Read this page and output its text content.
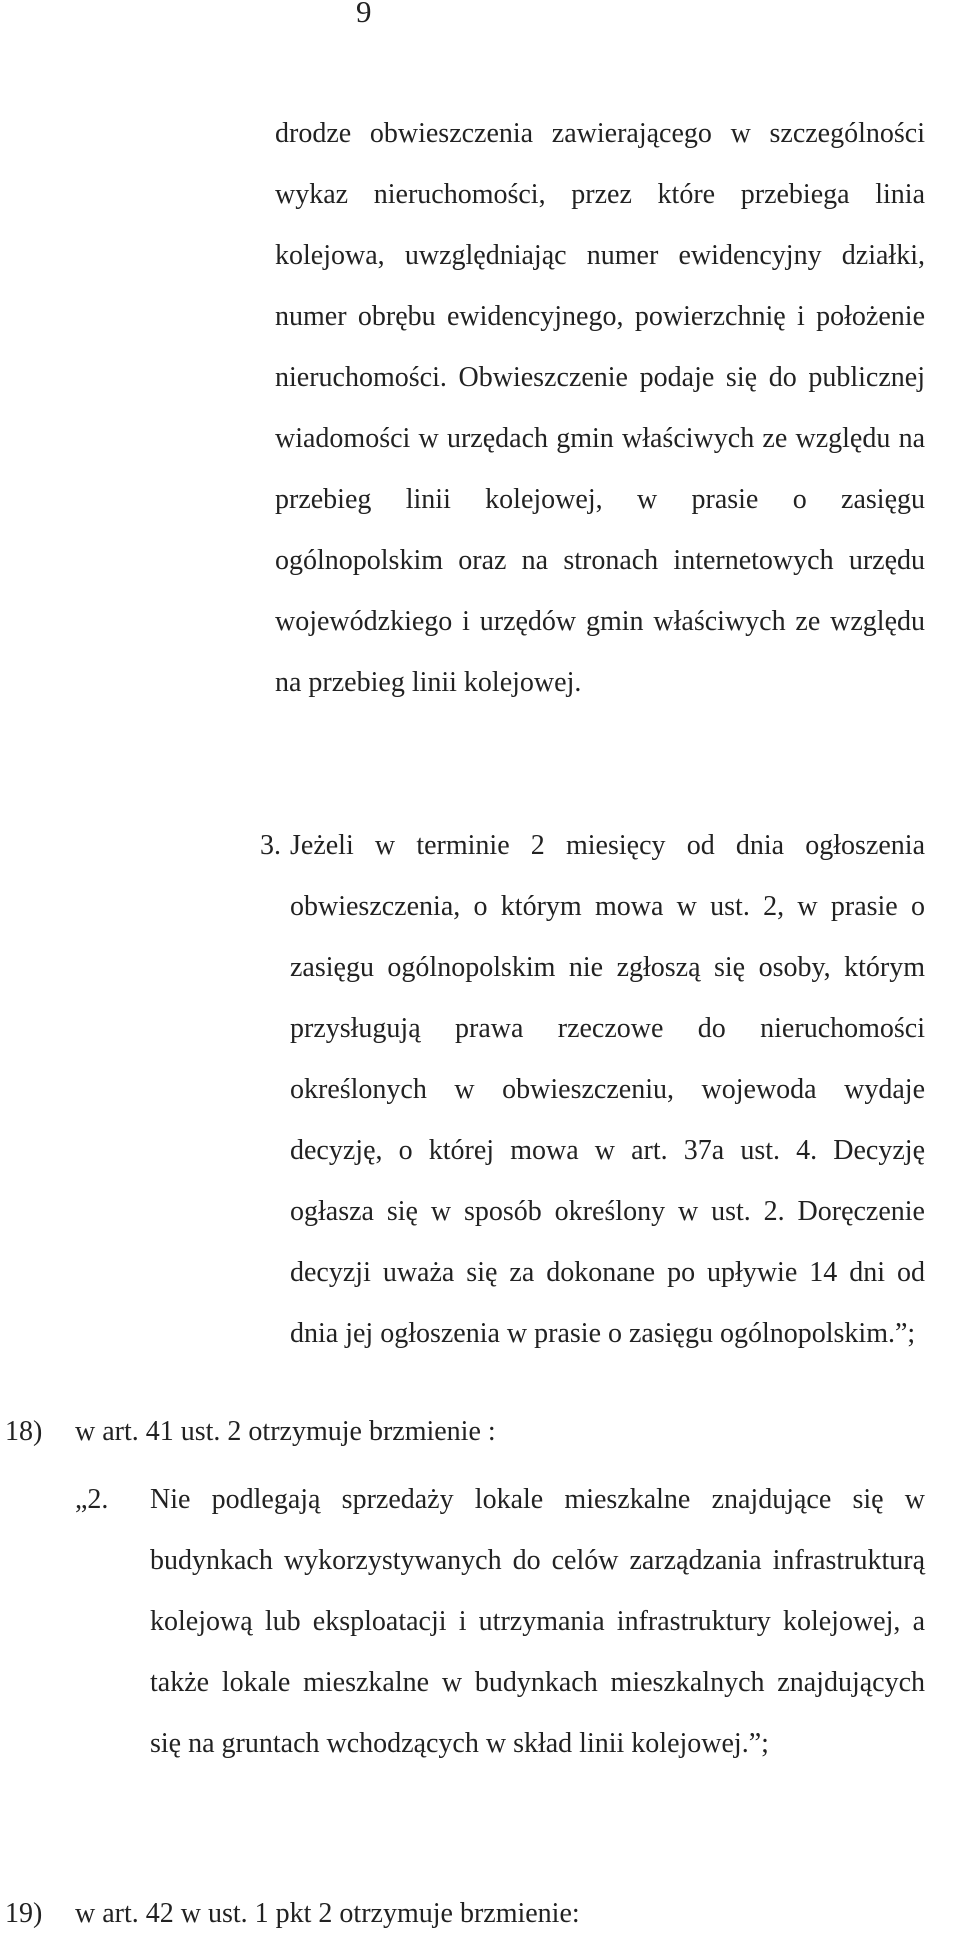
9

drodze obwieszczenia zawierającego w szczególności wykaz nieruchomości, przez które przebiega linia kolejowa, uwzględniając numer ewidencyjny działki, numer obrębu ewidencyjnego, powierzchnię i położenie nieruchomości. Obwieszczenie podaje się do publicznej wiadomości w urzędach gmin właściwych ze względu na przebieg linii kolejowej, w prasie o zasięgu ogólnopolskim oraz na stronach internetowych urzędu wojewódzkiego i urzędów gmin właściwych ze względu na przebieg linii kolejowej.

3. Jeżeli w terminie 2 miesięcy od dnia ogłoszenia obwieszczenia, o którym mowa w ust. 2, w prasie o zasięgu ogólnopolskim nie zgłoszą się osoby, którym przysługują prawa rzeczowe do nieruchomości określonych w obwieszczeniu, wojewoda wydaje decyzję, o której mowa w art. 37a ust. 4. Decyzję ogłasza się w sposób określony w ust. 2. Doręczenie decyzji uważa się za dokonane po upływie 14 dni od dnia jej ogłoszenia w prasie o zasięgu ogólnopolskim.”;

18) w art. 41 ust. 2 otrzymuje brzmienie :
„2. Nie podlegają sprzedaży lokale mieszkalne znajdujące się w budynkach wykorzystywanych do celów zarządzania infrastrukturą kolejową lub eksploatacji i utrzymania infrastruktury kolejowej, a także lokale mieszkalne w budynkach mieszkalnych znajdujących się na gruntach wchodzących w skład linii kolejowej.”;

19) w art. 42 w ust. 1 pkt 2 otrzymuje brzmienie:
